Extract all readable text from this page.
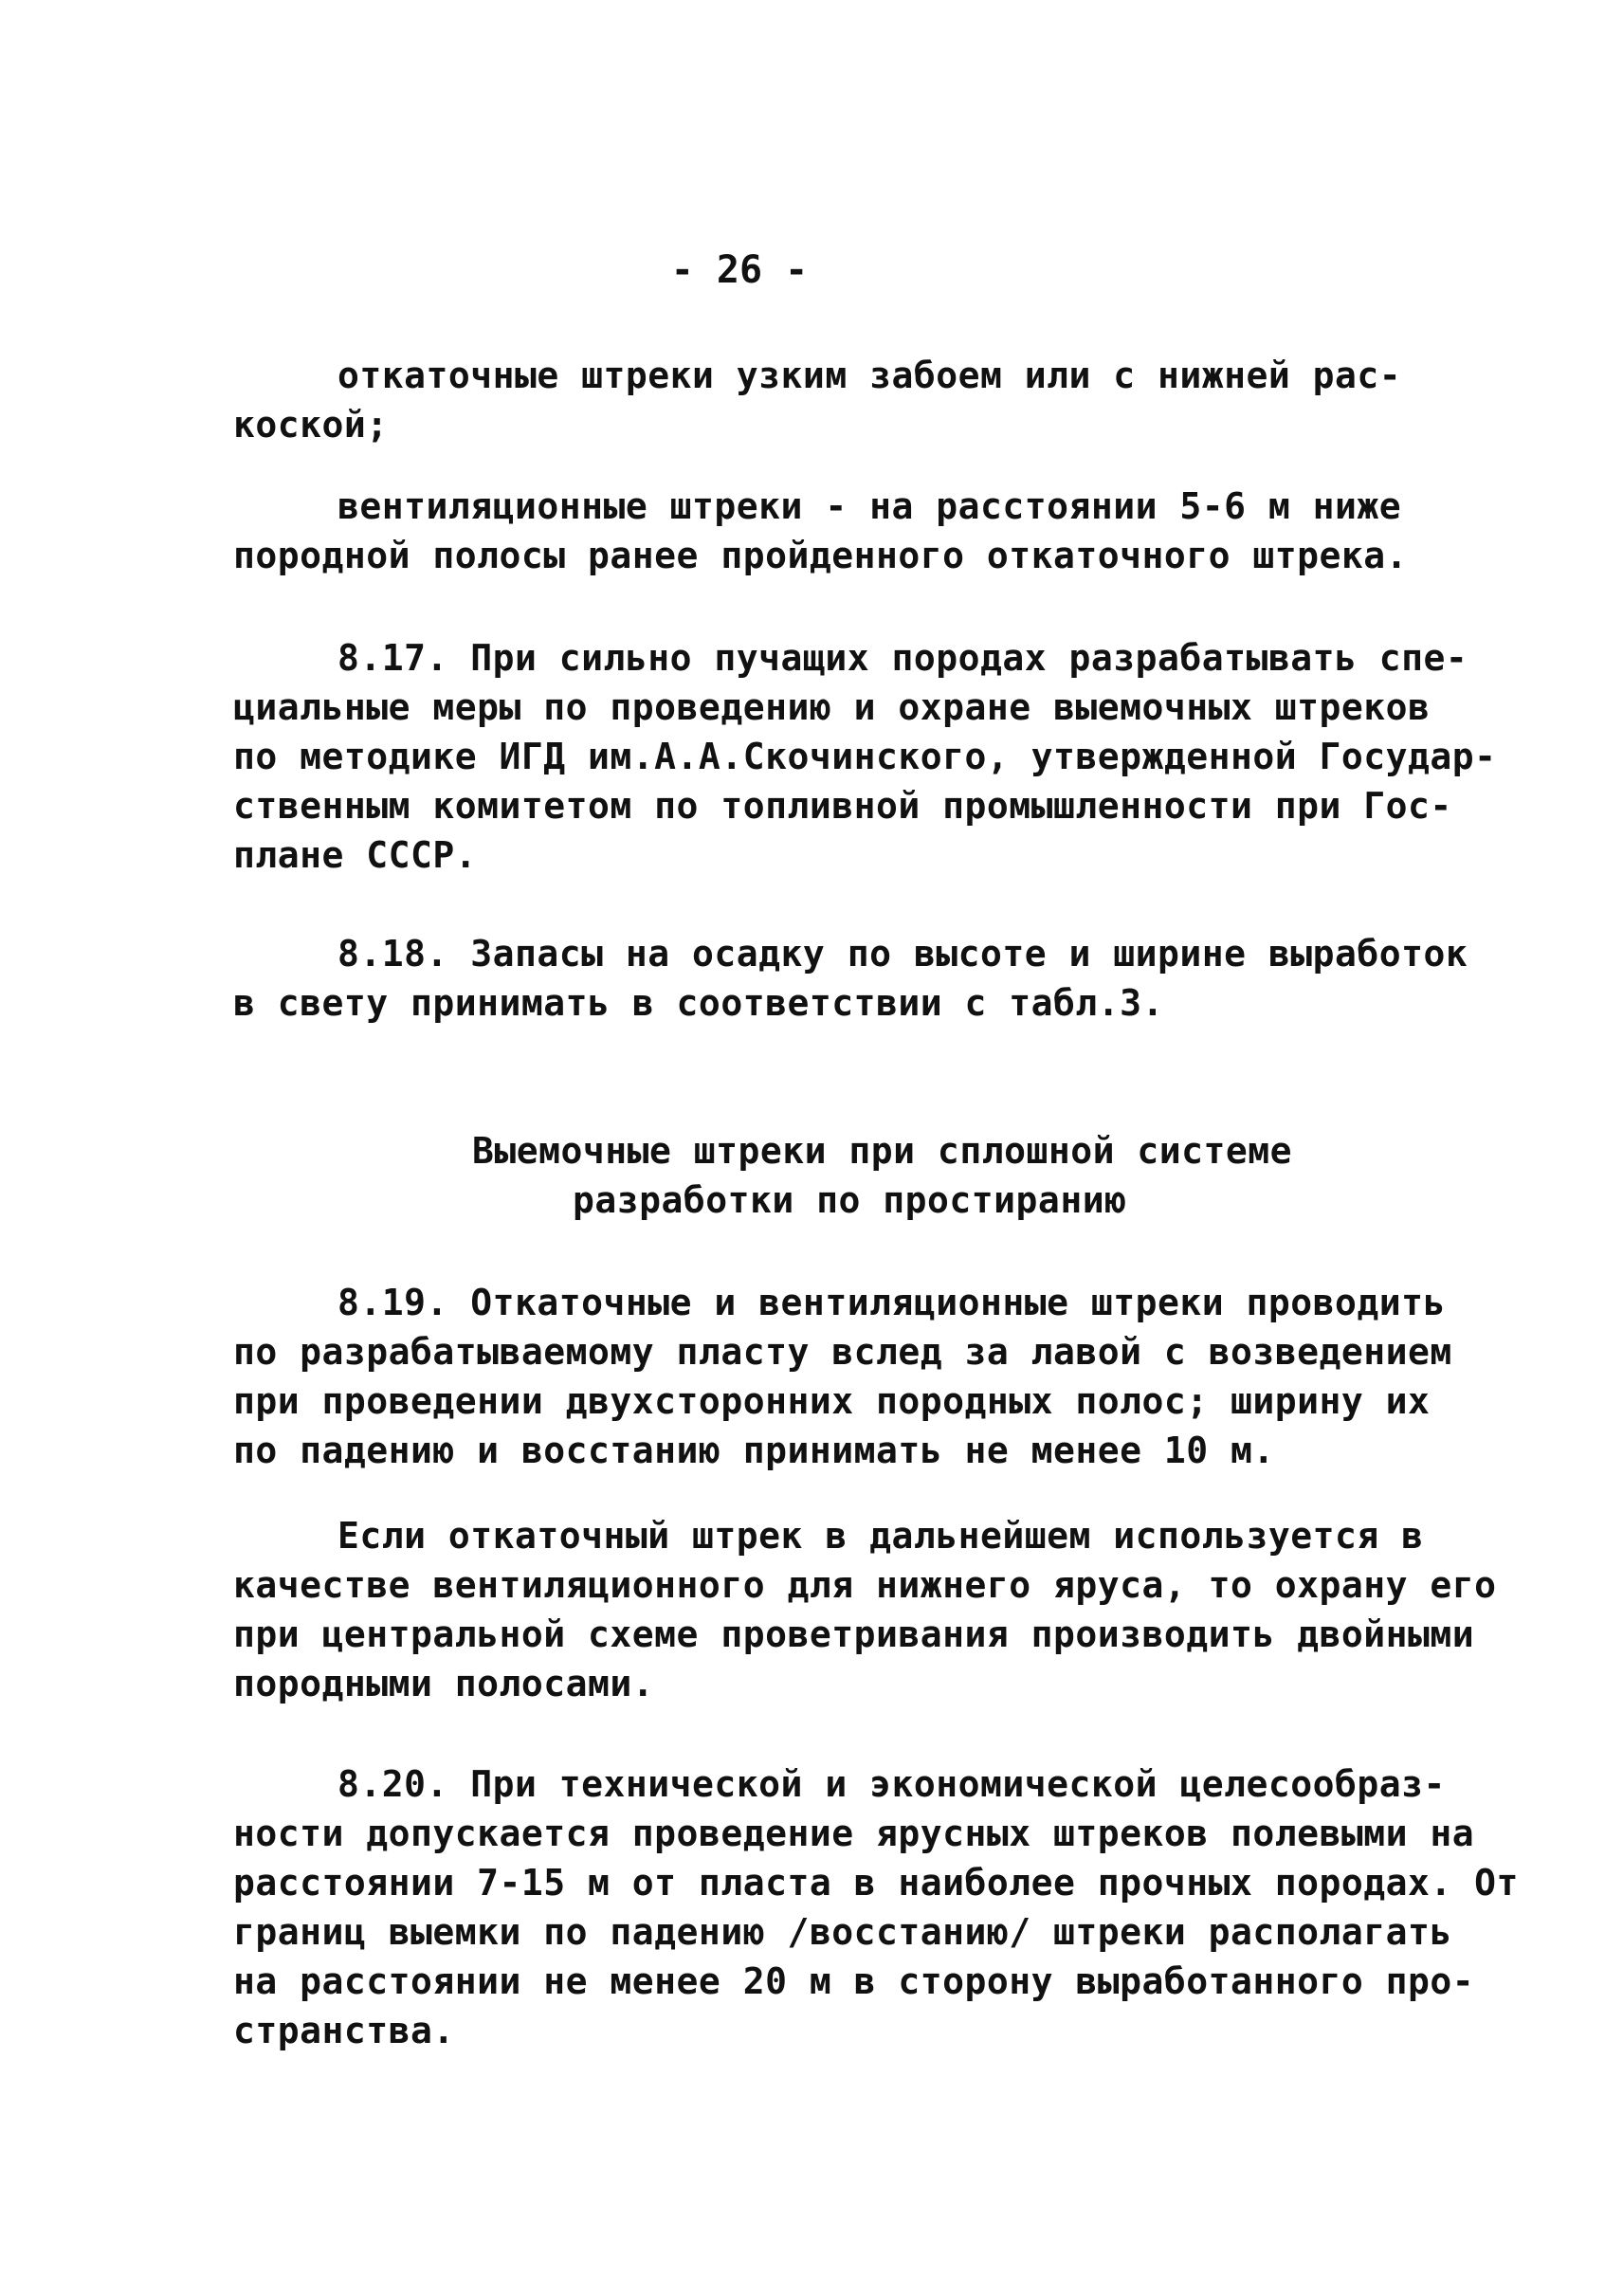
- 26 -
откаточные штреки узким забоем или с нижней рас-
коской;
вентиляционные штреки - на расстоянии 5-6 м ниже
породной полосы ранее пройденного откаточного штрека.
8.17. При сильно пучащих породах разрабатывать спе-
циальные меры по проведению и охране выемочных штреков
по методике ИГД им.А.А.Скочинского, утвержденной Государ-
ственным комитетом по топливной промышленности при Гос-
плане СССР.
8.18. Запасы на осадку по высоте и ширине выработок
в свету принимать в соответствии с табл.3.
Выемочные штреки при сплошной системе
разработки по простиранию
8.19. Откаточные и вентиляционные штреки проводить
по разрабатываемому пласту вслед за лавой с возведением
при проведении двухсторонних породных полос; ширину их
по падению и восстанию принимать не менее 10 м.
Если откаточный штрек в дальнейшем используется в
качестве вентиляционного для нижнего яруса, то охрану его
при центральной схеме проветривания производить двойными
породными полосами.
8.20. При технической и экономической целесообраз-
ности допускается проведение ярусных штреков полевыми на
расстоянии 7-15 м от пласта в наиболее прочных породах. От
границ выемки по падению /восстанию/ штреки располагать
на расстоянии не менее 20 м в сторону выработанного про-
странства.
